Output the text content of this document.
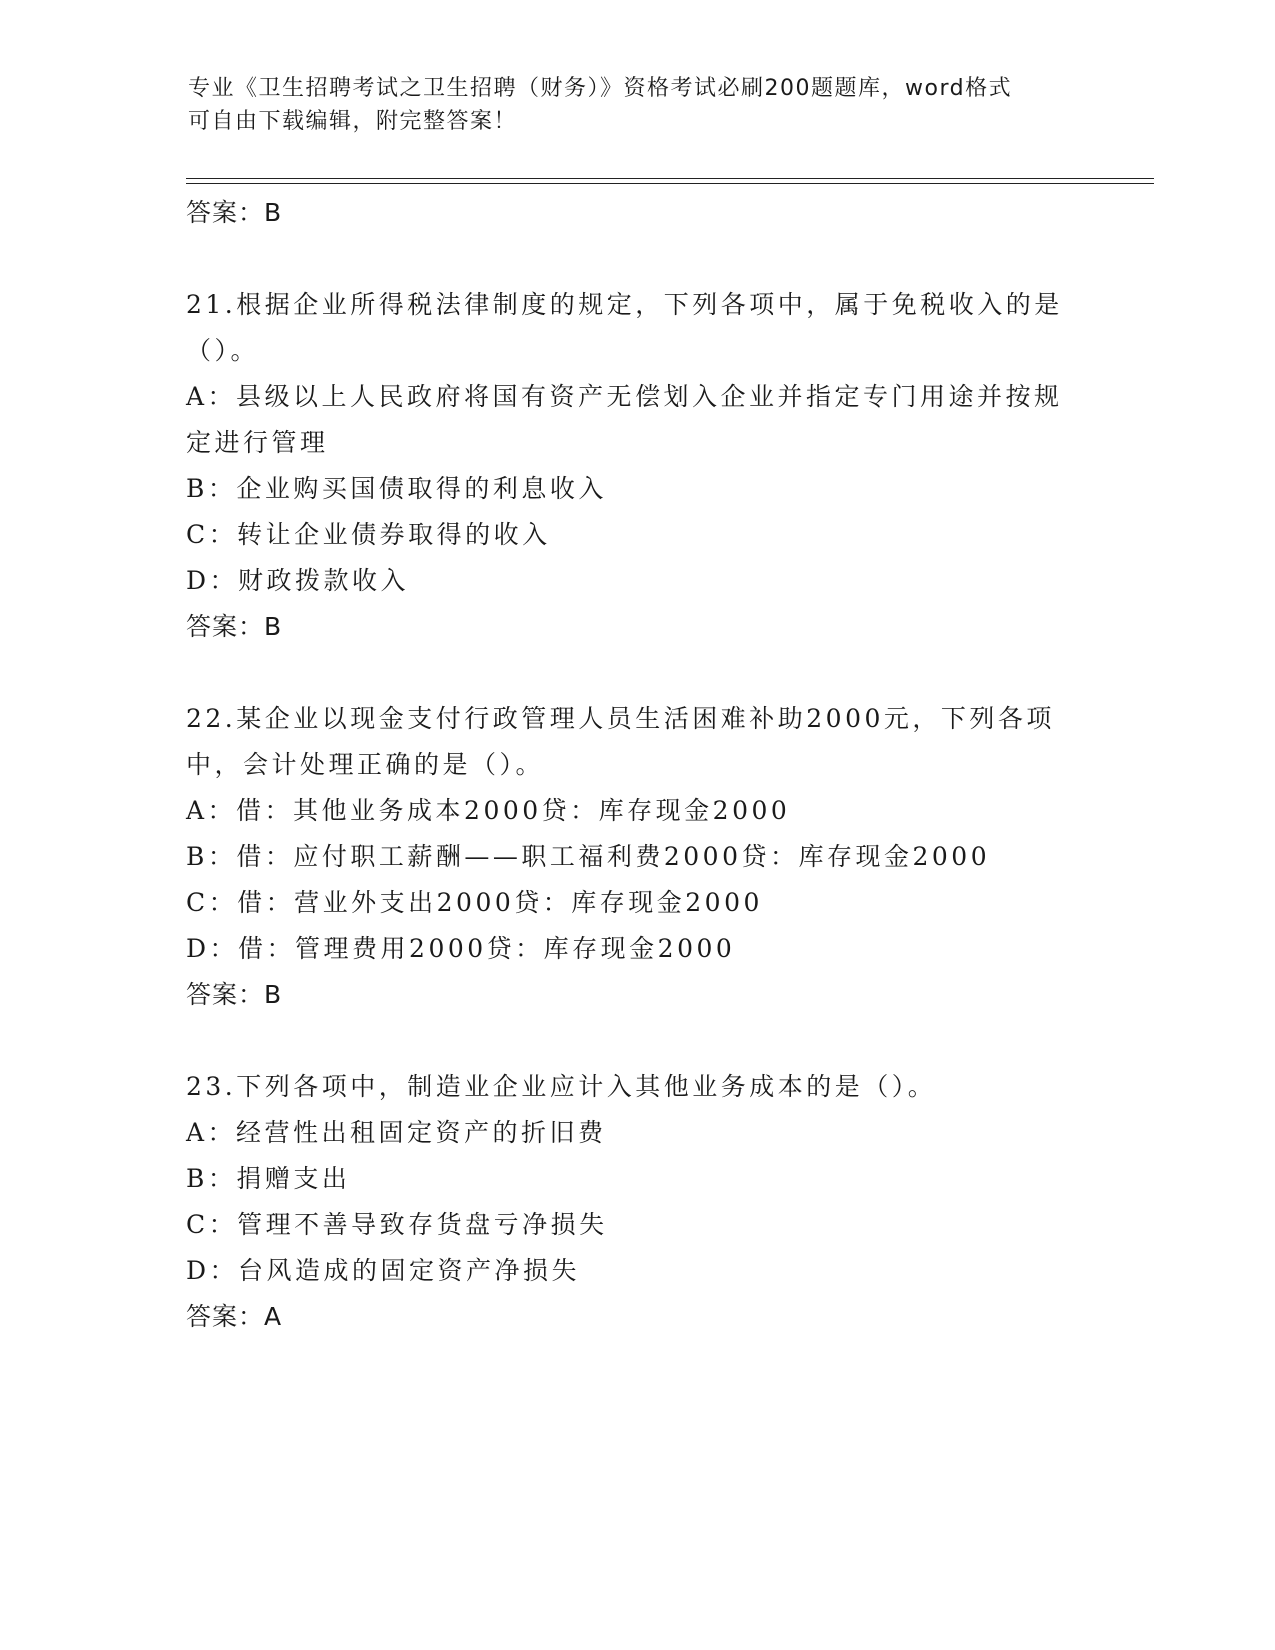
专业《卫生招聘考试之卫生招聘（财务）》资格考试必刷200题题库，word格式
可自由下载编辑，附完整答案！

答案：B

21.根据企业所得税法律制度的规定，下列各项中，属于免税收入的是

（）。

A：县级以上人民政府将国有资产无偿划入企业并指定专门用途并按规

定进行管理

B：企业购买国债取得的利息收入

C：转让企业债券取得的收入

D：财政拨款收入

答案：B

22.某企业以现金支付行政管理人员生活困难补助2000元，下列各项

中，会计处理正确的是（）。

A：借：其他业务成本2000贷：库存现金2000

B：借：应付职工薪酬——职工福利费2000贷：库存现金2000

C：借：营业外支出2000贷：库存现金2000

D：借：管理费用2000贷：库存现金2000

答案：B

23.下列各项中，制造业企业应计入其他业务成本的是（）。

A：经营性出租固定资产的折旧费

B：捐赠支出

C：管理不善导致存货盘亏净损失

D：台风造成的固定资产净损失

答案：A
